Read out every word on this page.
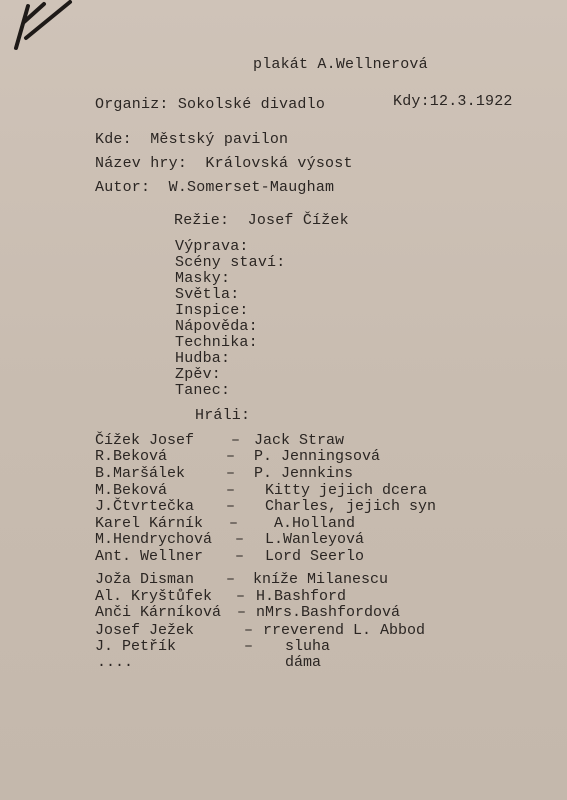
plakát A.Wellnerová
Organiz: Sokolské divadlo	Kdy:12.3.1922
Kde:  Městský pavilon
Název hry:  Královská výsost
Autor:  W.Somerset-Maugham
Režie:  Josef Čížek
Výprava:
Scény staví:
Masky:
Světla:
Inspice:
Nápověda:
Technika:
Hudba:
Zpěv:
Tanec:
Hráli:
Čížek Josef – Jack Straw
R.Beková	– P. Jenningsová
B.Maršálek	– P. Jennkins
M.Beková	– Kitty jejich dcera
J.Čtvrtečka – Charles, jejich syn
Karel Kárník – A.Holland
M.Hendrychová – L.Wanleyová
Ant. Wellner – Lord Seerlo
Joža Disman – kníže Milanescu
Al. Kryštůfek – H.Bashford
Anči Kárníková – nMrs.Bashfordová
Josef Ježek	– rreverend L. Abbod
J. Petřík	– sluha
....	dáma
